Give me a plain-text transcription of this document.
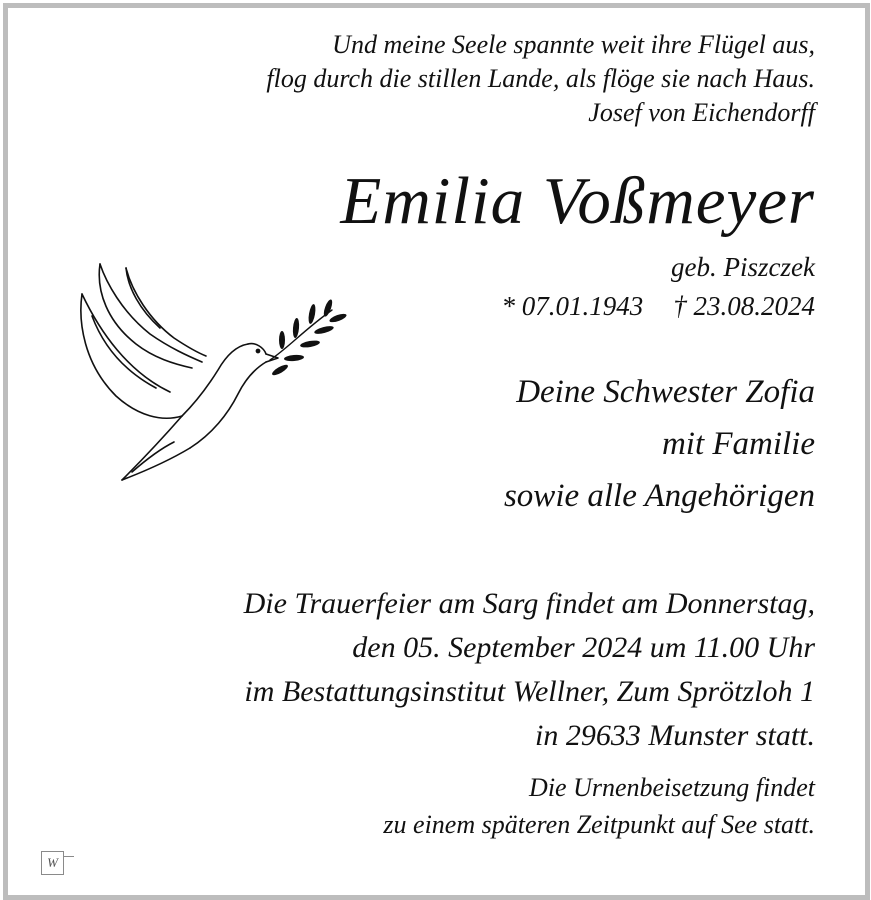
Und meine Seele spannte weit ihre Flügel aus,
flog durch die stillen Lande, als flöge sie nach Haus.
Josef von Eichendorff
Emilia Voßmeyer
geb. Piszczek
* 07.01.1943 † 23.08.2024
Deine Schwester Zofia
mit Familie
sowie alle Angehörigen
Die Trauerfeier am Sarg findet am Donnerstag,
den 05. September 2024 um 11.00 Uhr
im Bestattungsinstitut Wellner, Zum Sprötzloh 1
in 29633 Munster statt.
Die Urnenbeisetzung findet
zu einem späteren Zeitpunkt auf See statt.
W
